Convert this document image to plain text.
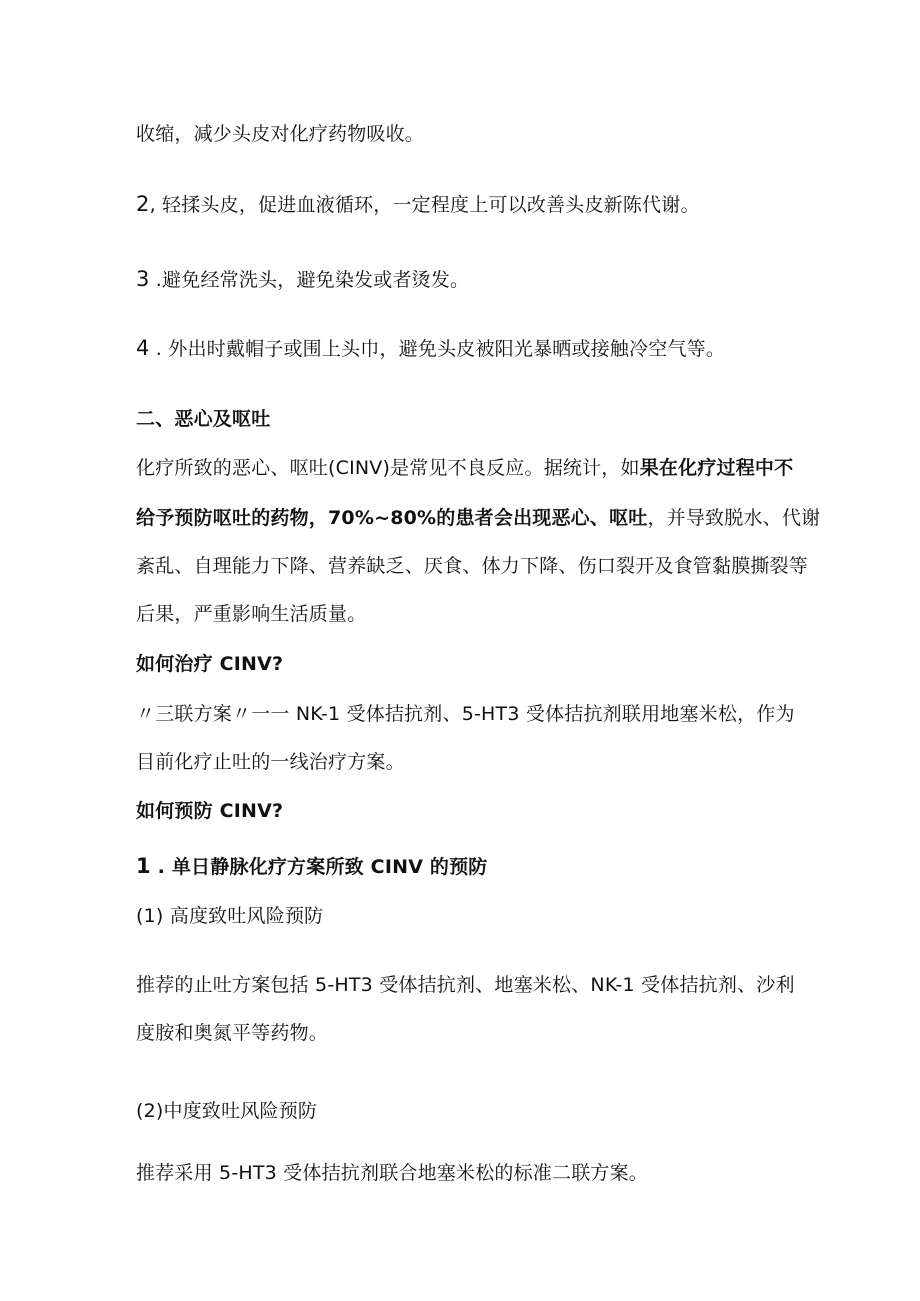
收缩，减少头皮对化疗药物吸收。
2, 轻揉头皮，促进血液循环，一定程度上可以改善头皮新陈代谢。
3 .避免经常洗头，避免染发或者烫发。
4 . 外出时戴帽子或围上头巾，避免头皮被阳光暴晒或接触冷空气等。
二、恶心及呕吐
化疗所致的恶心、呕吐(CINV)是常见不良反应。据统计，如果在化疗过程中不
给予预防呕吐的药物，70%~80%的患者会出现恶心、呕吐，并导致脱水、代谢
紊乱、自理能力下降、营养缺乏、厌食、体力下降、伤口裂开及食管黏膜撕裂等
后果，严重影响生活质量。
如何治疗 CINV?
〃三联方案〃一一 NK-1 受体拮抗剂、5-HT3 受体拮抗剂联用地塞米松，作为
目前化疗止吐的一线治疗方案。
如何预防 CINV?
1 . 单日静脉化疗方案所致 CINV 的预防
(1) 高度致吐风险预防
推荐的止吐方案包括 5-HT3 受体拮抗剂、地塞米松、NK-1 受体拮抗剂、沙利
度胺和奥氮平等药物。
(2)中度致吐风险预防
推荐采用 5-HT3 受体拮抗剂联合地塞米松的标准二联方案。
